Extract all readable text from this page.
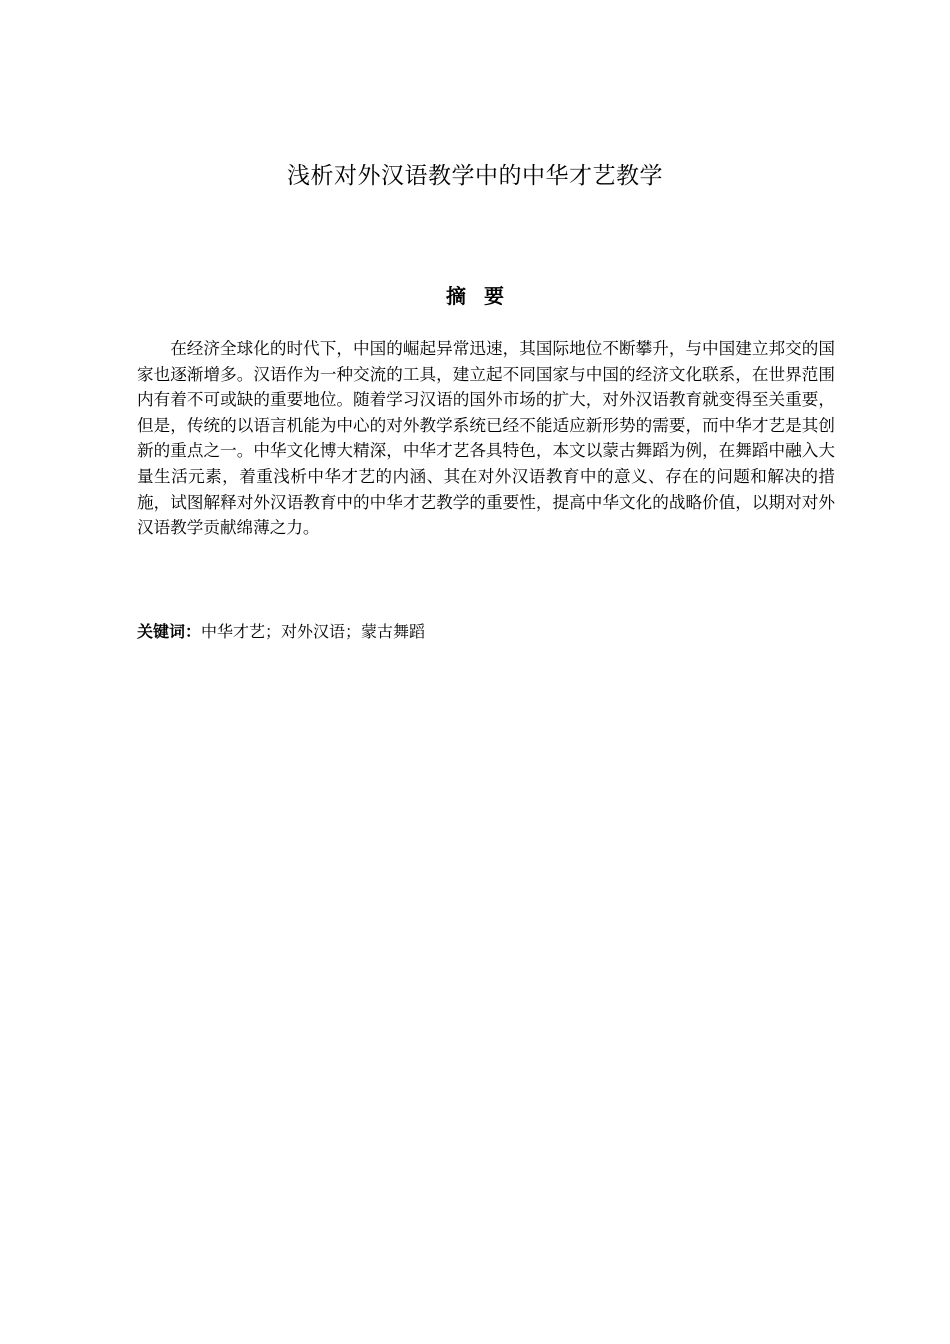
浅析对外汉语教学中的中华才艺教学
摘要

在经济全球化的时代下，中国的崛起异常迅速，其国际地位不断攀升，与中国建立邦交的国家也逐渐增多。汉语作为一种交流的工具，建立起不同国家与中国的经济文化联系，在世界范围内有着不可或缺的重要地位。随着学习汉语的国外市场的扩大，对外汉语教育就变得至关重要，但是，传统的以语言机能为中心的对外教学系统已经不能适应新形势的需要，而中华才艺是其创新的重点之一。中华文化博大精深，中华才艺各具特色，本文以蒙古舞蹈为例，在舞蹈中融入大量生活元素，着重浅析中华才艺的内涵、其在对外汉语教育中的意义、存在的问题和解决的措施，试图解释对外汉语教育中的中华才艺教学的重要性，提高中华文化的战略价值，以期对对外汉语教学贡献绵薄之力。

关键词：中华才艺；对外汉语；蒙古舞蹈
